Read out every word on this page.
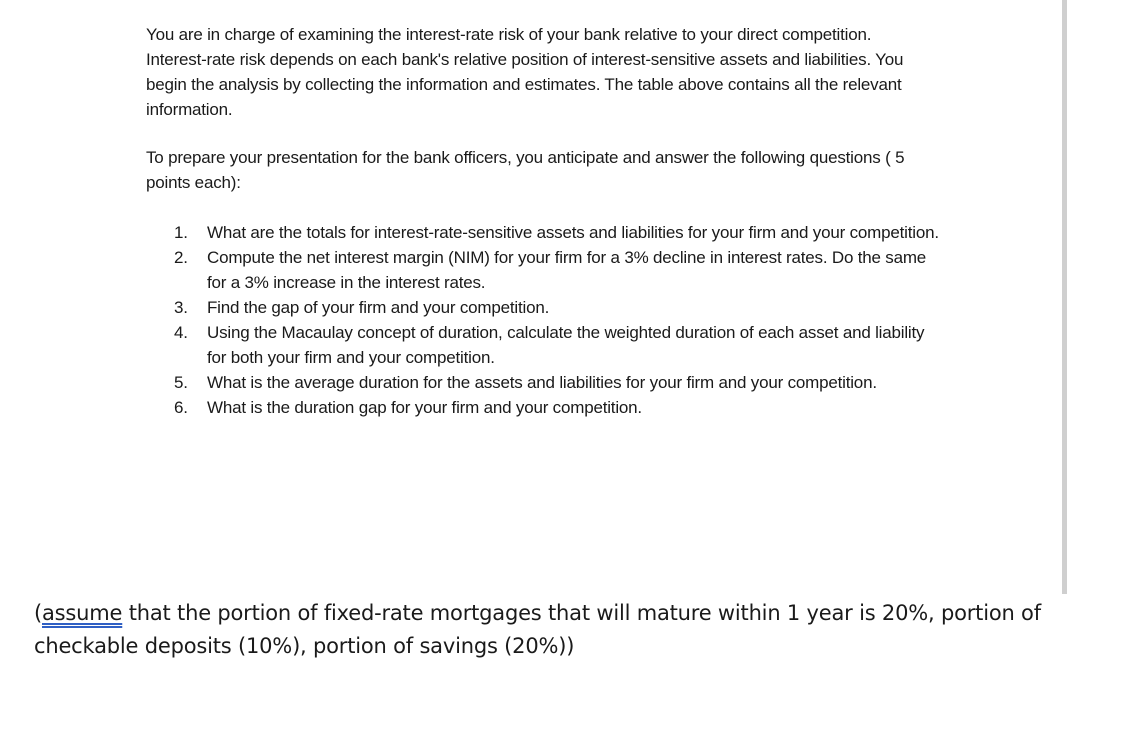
You are in charge of examining the interest-rate risk of your bank relative to your direct competition. Interest-rate risk depends on each bank's relative position of interest-sensitive assets and liabilities. You begin the analysis by collecting the information and estimates. The table above contains all the relevant information.

To prepare your presentation for the bank officers, you anticipate and answer the following questions ( 5 points each):

1.	What are the totals for interest-rate-sensitive assets and liabilities for your firm and your competition.
2.	Compute the net interest margin (NIM) for your firm for a 3% decline in interest rates. Do the same for a 3% increase in the interest rates.
3.	Find the gap of your firm and your competition.
4.	Using the Macaulay concept of duration, calculate the weighted duration of each asset and liability for both your firm and your competition.
5.	What is the average duration for the assets and liabilities for your firm and your competition.
6.	What is the duration gap for your firm and your competition.

(assume that the portion of fixed-rate mortgages that will mature within 1 year is 20%, portion of checkable deposits (10%), portion of savings (20%))
